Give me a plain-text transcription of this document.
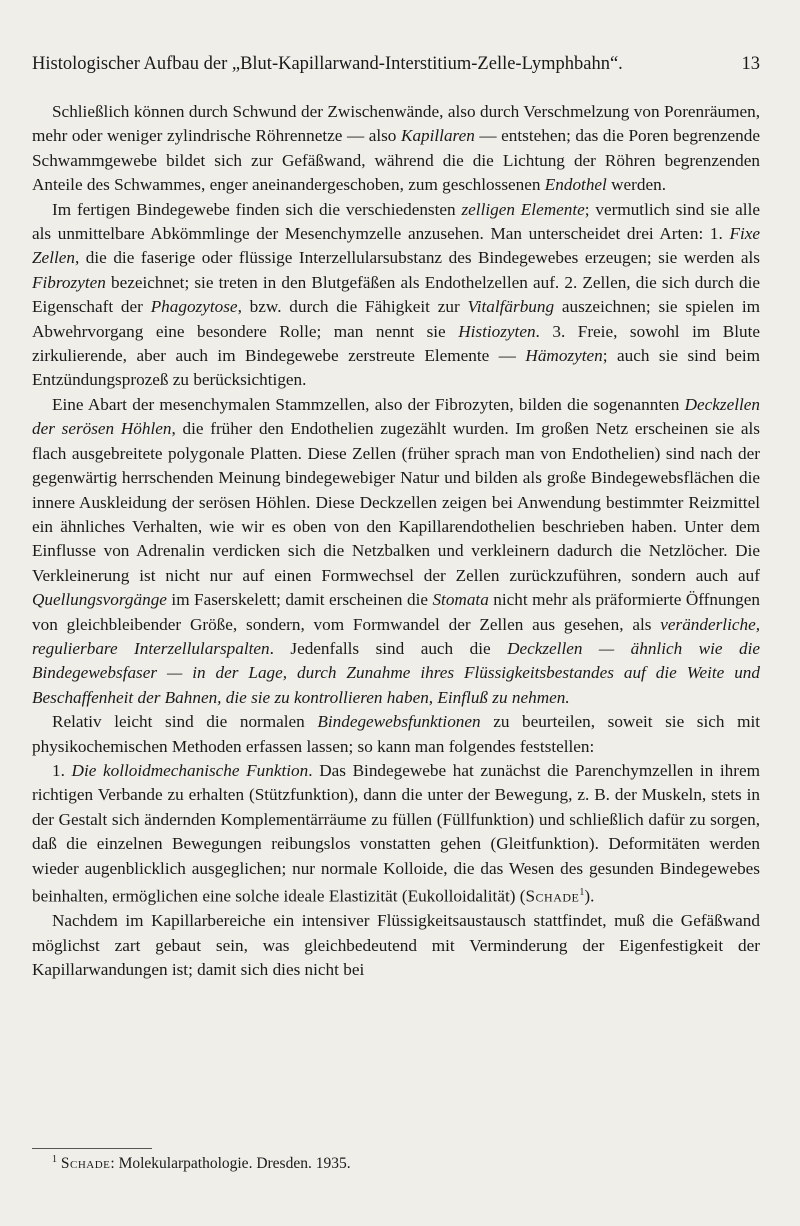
Histologischer Aufbau der „Blut-Kapillarwand-Interstitium-Zelle-Lymphbahn“.	13

Schließlich können durch Schwund der Zwischenwände, also durch Verschmelzung von Porenräumen, mehr oder weniger zylindrische Röhrennetze — also Kapillaren — entstehen; das die Poren begrenzende Schwammgewebe bildet sich zur Gefäßwand, während die die Lichtung der Röhren begrenzenden Anteile des Schwammes, enger aneinandergeschoben, zum geschlossenen Endothel werden.

Im fertigen Bindegewebe finden sich die verschiedensten zelligen Elemente; vermutlich sind sie alle als unmittelbare Abkömmlinge der Mesenchymzelle anzusehen. Man unterscheidet drei Arten: 1. Fixe Zellen, die die faserige oder flüssige Interzellularsubstanz des Bindegewebes erzeugen; sie werden als Fibrozyten bezeichnet; sie treten in den Blutgefäßen als Endothelzellen auf. 2. Zellen, die sich durch die Eigenschaft der Phagozytose, bzw. durch die Fähigkeit zur Vitalfärbung auszeichnen; sie spielen im Abwehrvorgang eine besondere Rolle; man nennt sie Histiozyten. 3. Freie, sowohl im Blute zirkulierende, aber auch im Bindegewebe zerstreute Elemente — Hämozyten; auch sie sind beim Entzündungsprozeß zu berücksichtigen.

Eine Abart der mesenchymalen Stammzellen, also der Fibrozyten, bilden die sogenannten Deckzellen der serösen Höhlen, die früher den Endothelien zugezählt wurden. Im großen Netz erscheinen sie als flach ausgebreitete polygonale Platten. Diese Zellen (früher sprach man von Endothelien) sind nach der gegenwärtig herrschenden Meinung bindegewebiger Natur und bilden als große Bindegewebsflächen die innere Auskleidung der serösen Höhlen. Diese Deckzellen zeigen bei Anwendung bestimmter Reizmittel ein ähnliches Verhalten, wie wir es oben von den Kapillarendothelien beschrieben haben. Unter dem Einflusse von Adrenalin verdicken sich die Netzbalken und verkleinern dadurch die Netzlöcher. Die Verkleinerung ist nicht nur auf einen Formwechsel der Zellen zurückzuführen, sondern auch auf Quellungsvorgänge im Faserskelett; damit erscheinen die Stomata nicht mehr als präformierte Öffnungen von gleichbleibender Größe, sondern, vom Formwandel der Zellen aus gesehen, als veränderliche, regulierbare Interzellularspalten. Jedenfalls sind auch die Deckzellen — ähnlich wie die Bindegewebsfaser — in der Lage, durch Zunahme ihres Flüssigkeitsbestandes auf die Weite und Beschaffenheit der Bahnen, die sie zu kontrollieren haben, Einfluß zu nehmen.

Relativ leicht sind die normalen Bindegewebsfunktionen zu beurteilen, soweit sie sich mit physikochemischen Methoden erfassen lassen; so kann man folgendes feststellen:

1. Die kolloidmechanische Funktion. Das Bindegewebe hat zunächst die Parenchymzellen in ihrem richtigen Verbande zu erhalten (Stützfunktion), dann die unter der Bewegung, z. B. der Muskeln, stets in der Gestalt sich ändernden Komplementärräume zu füllen (Füllfunktion) und schließlich dafür zu sorgen, daß die einzelnen Bewegungen reibungslos vonstatten gehen (Gleitfunktion). Deformitäten werden wieder augenblicklich ausgeglichen; nur normale Kolloide, die das Wesen des gesunden Bindegewebes beinhalten, ermöglichen eine solche ideale Elastizität (Eukolloidalität) (Schade$^1$).

Nachdem im Kapillarbereiche ein intensiver Flüssigkeitsaustausch stattfindet, muß die Gefäßwand möglichst zart gebaut sein, was gleichbedeutend mit Verminderung der Eigenfestigkeit der Kapillarwandungen ist; damit sich dies nicht bei

$^1$ Schade: Molekularpathologie. Dresden. 1935.
